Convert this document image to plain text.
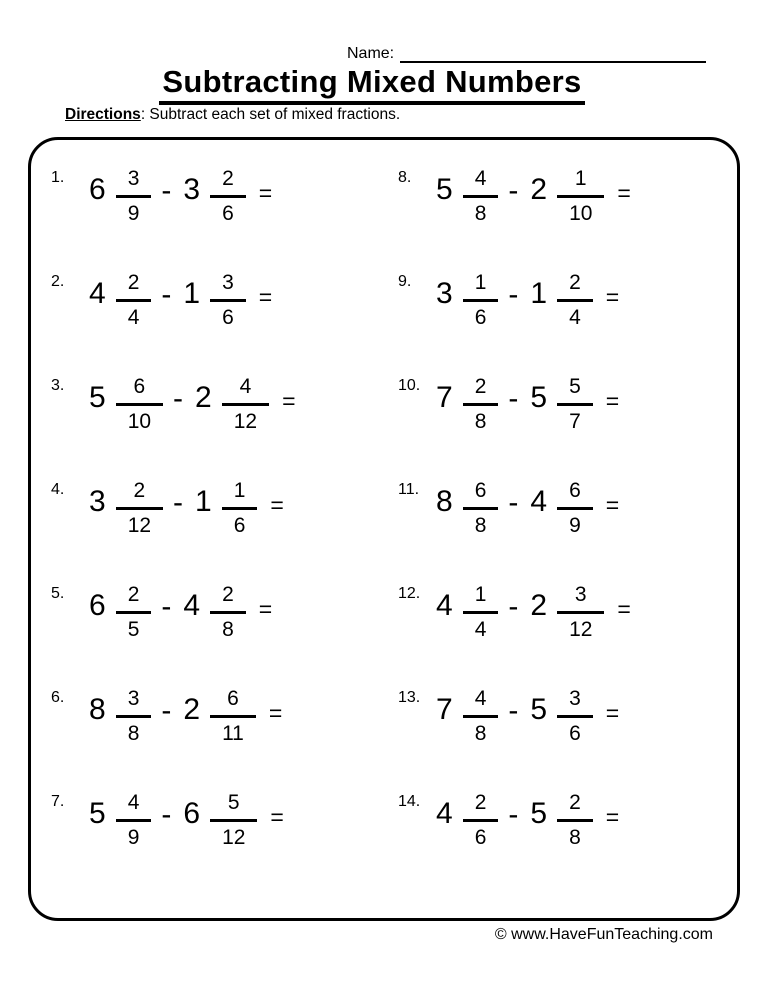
Name:
Subtracting Mixed Numbers
Directions: Subtract each set of mixed fractions.
1. $6 \frac{3}{9} - 3 \frac{2}{6}$ =
2. $4 \frac{2}{4} - 1 \frac{3}{6}$ =
3. $5 \frac{6}{10} - 2 \frac{4}{12}$ =
4. $3 \frac{2}{12} - 1 \frac{1}{6}$ =
5. $6 \frac{2}{5} - 4 \frac{2}{8}$ =
6. $8 \frac{3}{8} - 2 \frac{6}{11}$ =
7. $5 \frac{4}{9} - 6 \frac{5}{12}$ =
8. $5 \frac{4}{8} - 2 \frac{1}{10}$ =
9. $3 \frac{1}{6} - 1 \frac{2}{4}$ =
10. $7 \frac{2}{8} - 5 \frac{5}{7}$ =
11. $8 \frac{6}{8} - 4 \frac{6}{9}$ =
12. $4 \frac{1}{4} - 2 \frac{3}{12}$ =
13. $7 \frac{4}{8} - 5 \frac{3}{6}$ =
14. $4 \frac{2}{6} - 5 \frac{2}{8}$ =
© www.HaveFunTeaching.com
